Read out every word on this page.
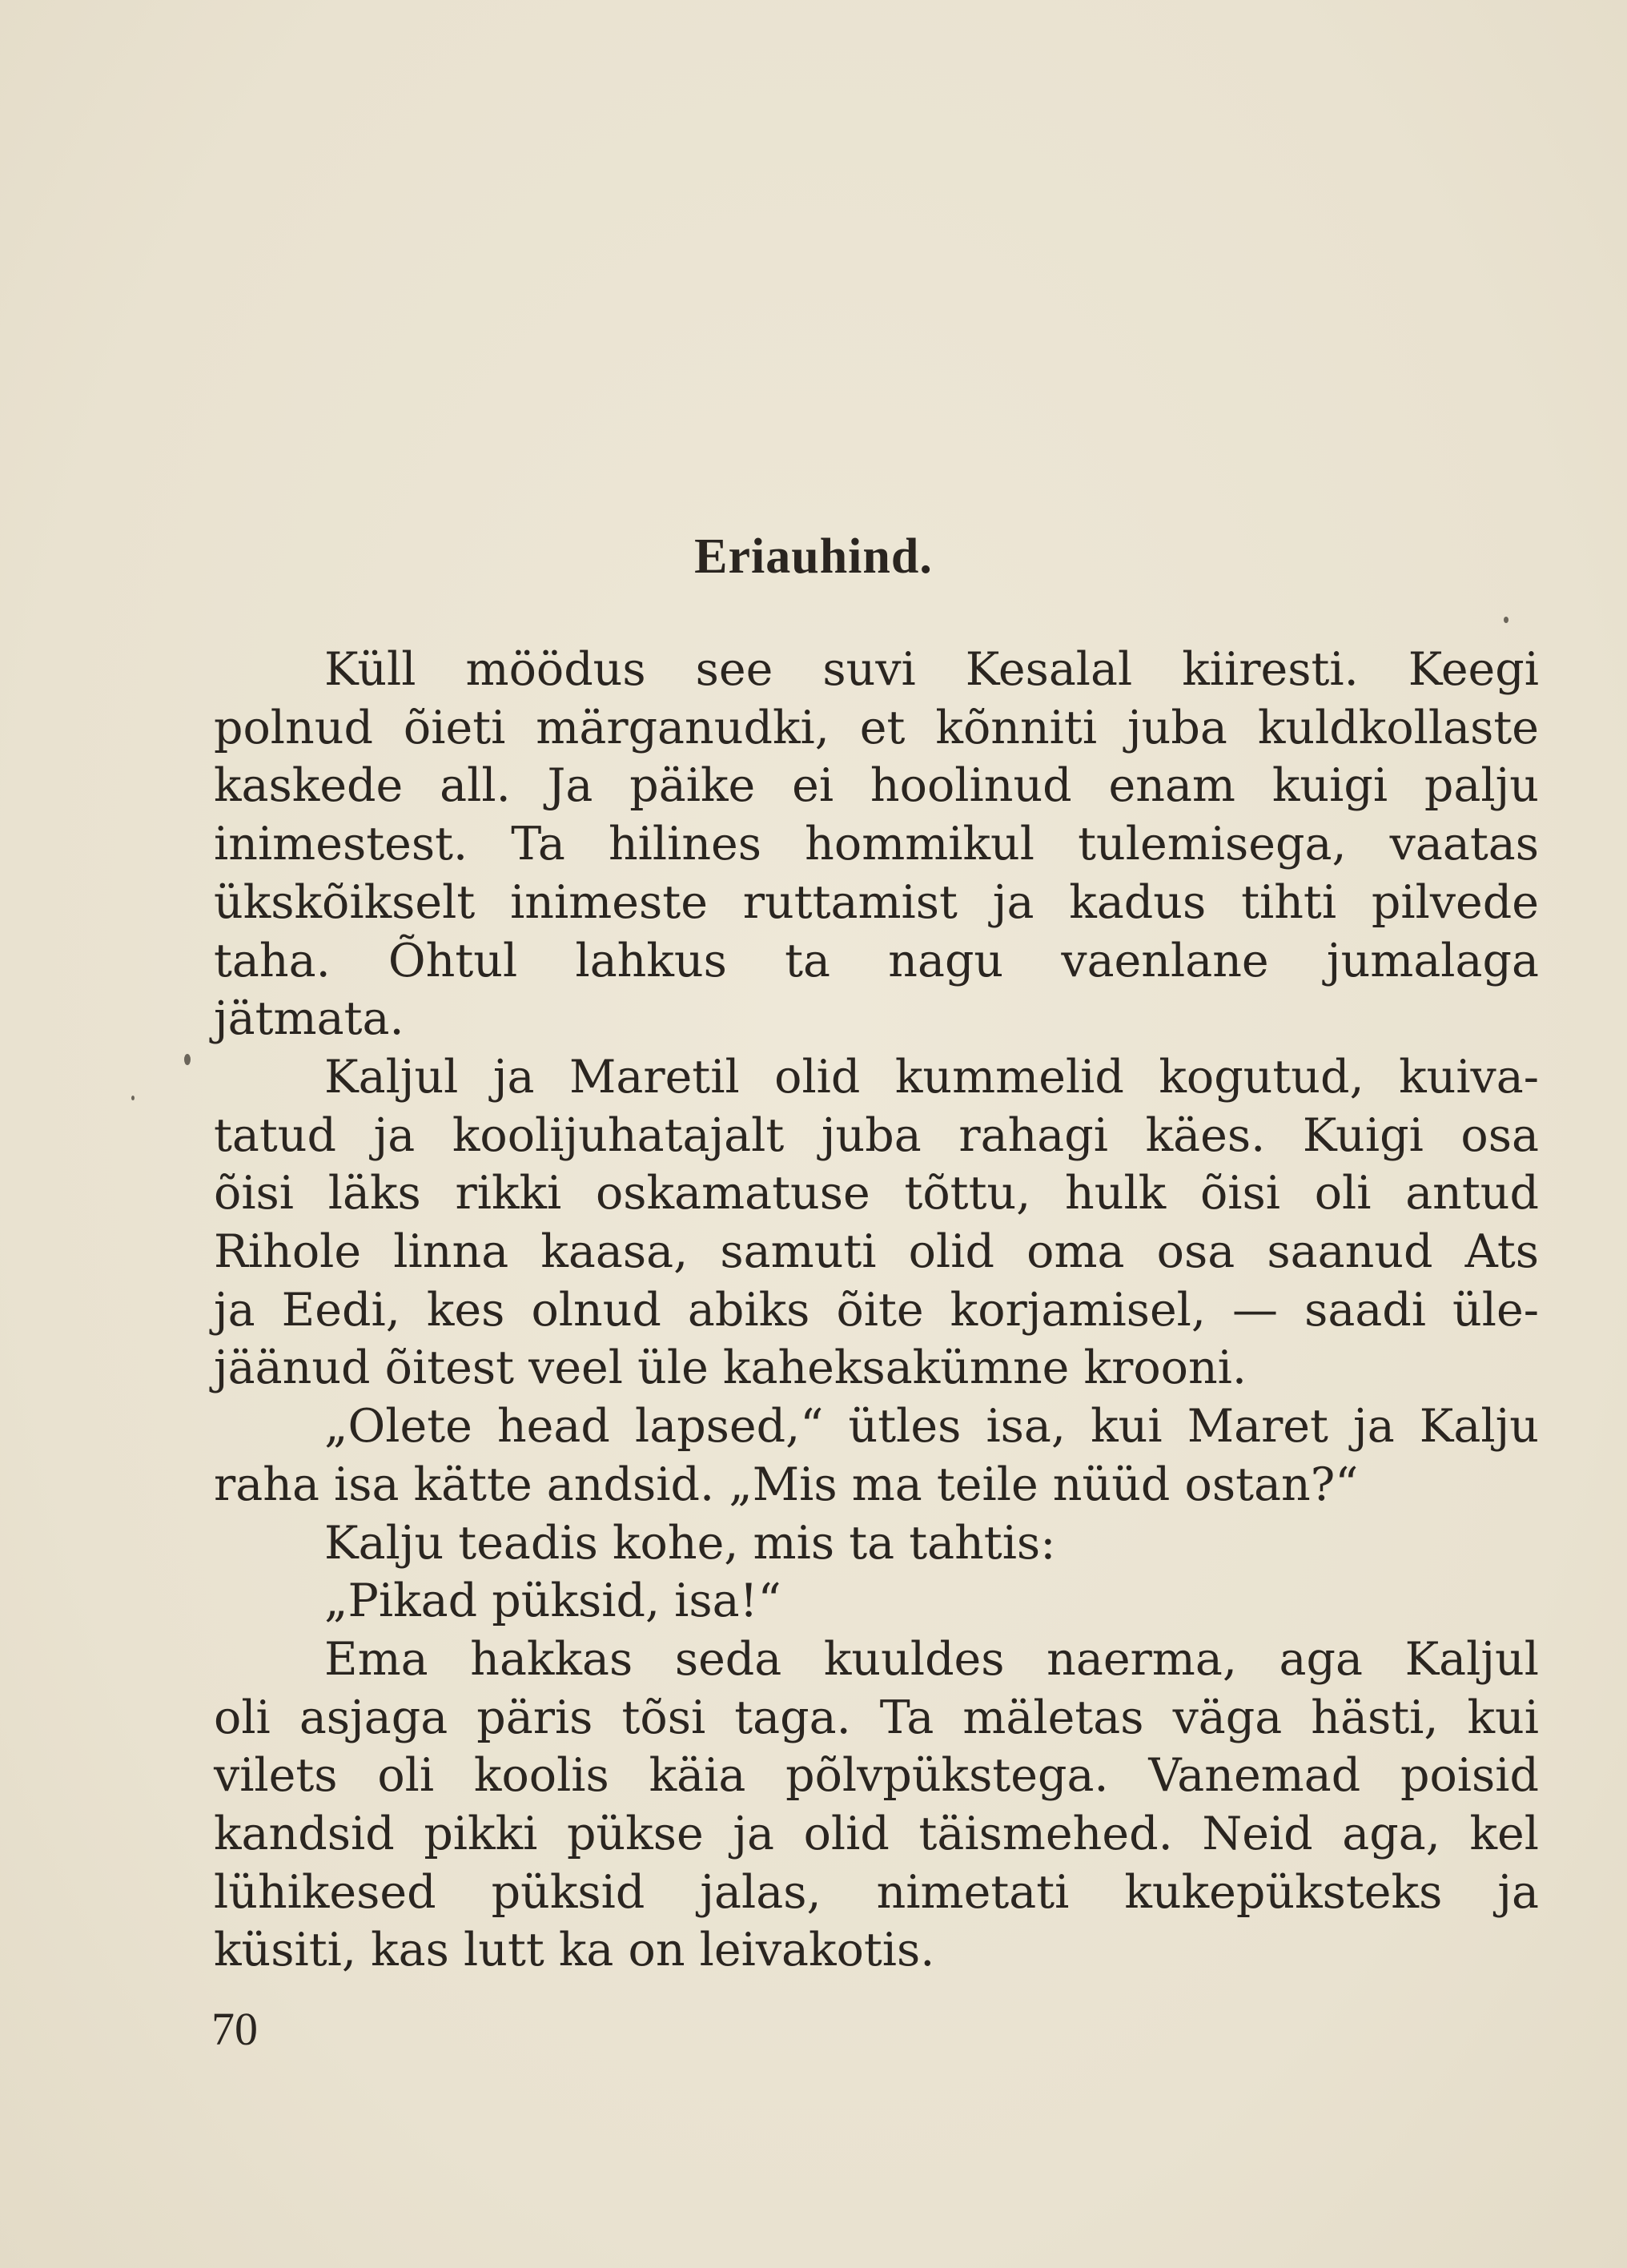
Eriauhind.
Küll möödus see suvi Kesalal kiiresti. Keegi
polnud õieti märganudki, et kõnniti juba kuldkollaste
kaskede all. Ja päike ei hoolinud enam kuigi palju
inimestest. Ta hilines hommikul tulemisega, vaatas
ükskõikselt inimeste ruttamist ja kadus tihti pilvede
taha. Õhtul lahkus ta nagu vaenlane jumalaga
jätmata.
Kaljul ja Maretil olid kummelid kogutud, kuiva-
tatud ja koolijuhatajalt juba rahagi käes. Kuigi osa
õisi läks rikki oskamatuse tõttu, hulk õisi oli antud
Rihole linna kaasa, samuti olid oma osa saanud Ats
ja Eedi, kes olnud abiks õite korjamisel, — saadi üle-
jäänud õitest veel üle kaheksakümne krooni.
„Olete head lapsed,“ ütles isa, kui Maret ja Kalju
raha isa kätte andsid. „Mis ma teile nüüd ostan?“
Kalju teadis kohe, mis ta tahtis:
„Pikad püksid, isa!“
Ema hakkas seda kuuldes naerma, aga Kaljul
oli asjaga päris tõsi taga. Ta mäletas väga hästi, kui
vilets oli koolis käia põlvpükstega. Vanemad poisid
kandsid pikki pükse ja olid täismehed. Neid aga, kel
lühikesed püksid jalas, nimetati kukepüksteks ja
küsiti, kas lutt ka on leivakotis.
70
